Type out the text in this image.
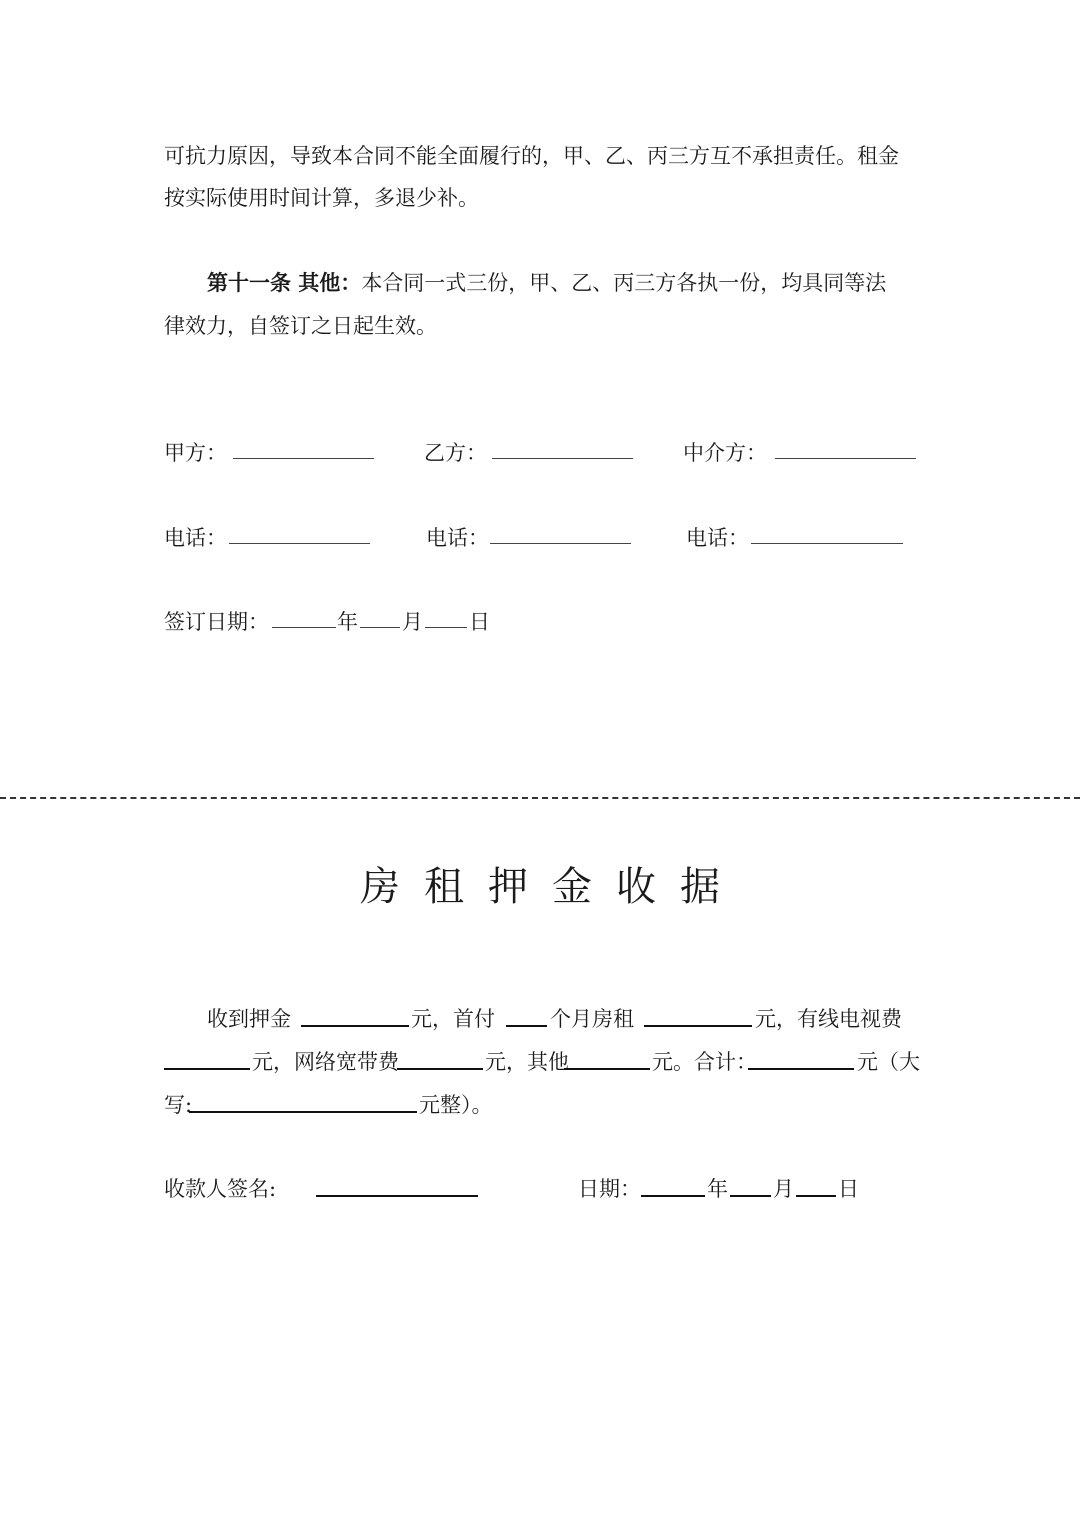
可抗力原因，导致本合同不能全面履行的，甲、乙、丙三方互不承担责任。租金
按实际使用时间计算，多退少补。
第十一条 其他：本合同一式三份，甲、乙、丙三方各执一份，均具同等法
律效力，自签订之日起生效。
甲方：	乙方：	中介方：
电话：	电话：	电话：
签订日期：	年 月 日
房租押金收据
收到押金	元，首付	个月房租	元，有线电视费
元，网络宽带费	元，其他	元。合计：	元（大
写:	元整）。
收款人签名:	日期：	年 月 日
